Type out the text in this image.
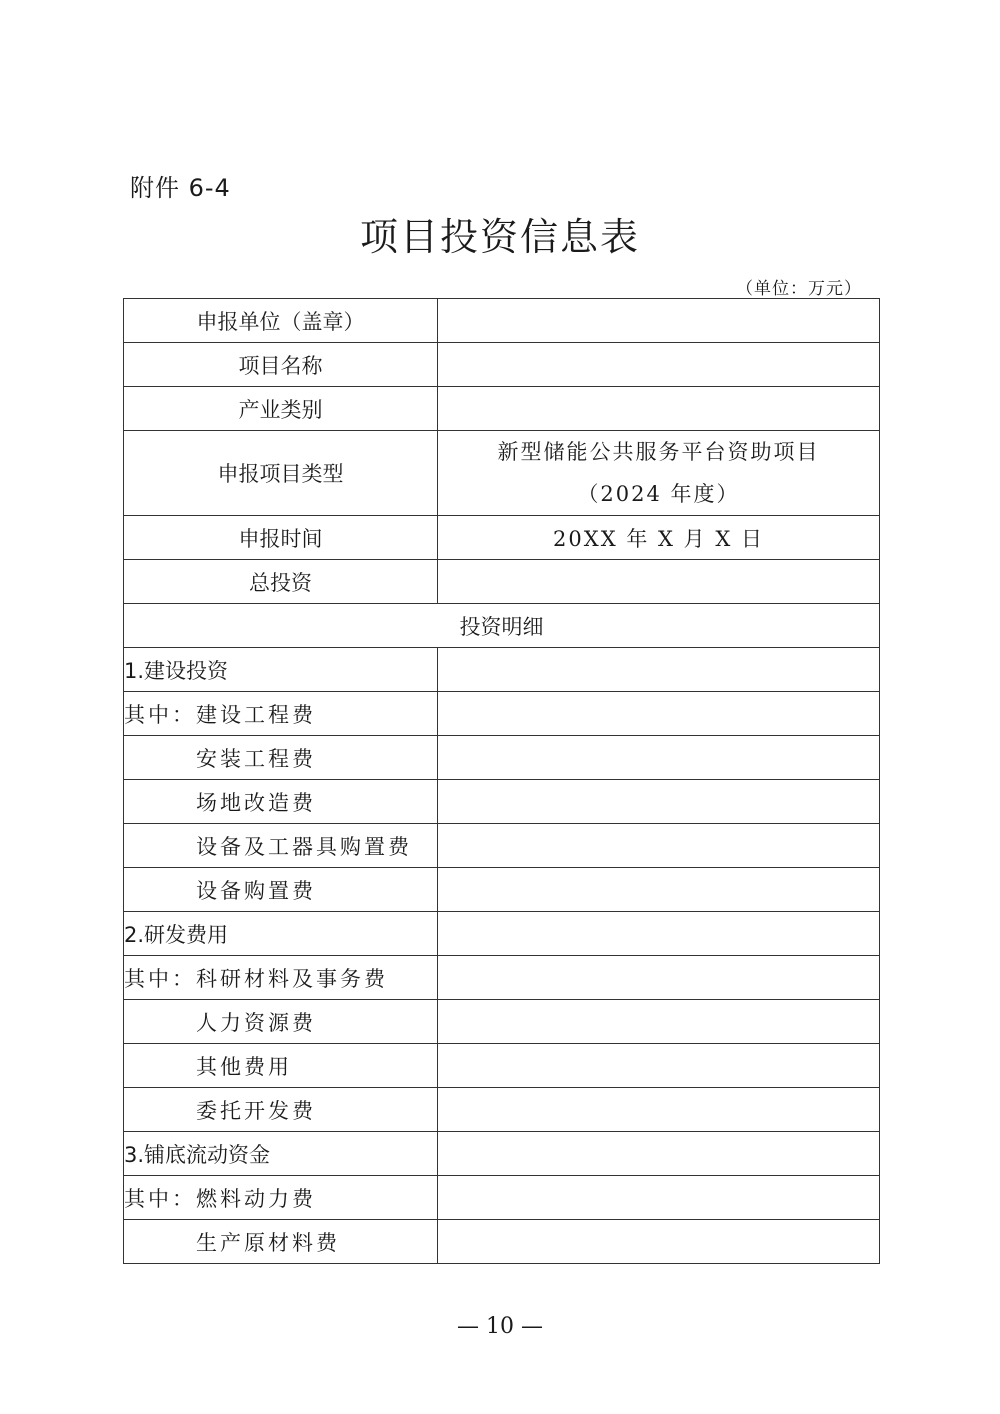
附件 6-4
项目投资信息表
（单位：万元）
申报单位（盖章）	
项目名称	
产业类别	
申报项目类型	新型储能公共服务平台资助项目
（2024 年度）

申报时间	20XX 年 X 月 X 日
总投资	
投资明细	
1.建设投资	
其中：建设工程费	
安装工程费	
场地改造费	
设备及工器具购置费	
设备购置费	
2.研发费用	
其中：科研材料及事务费	
人力资源费	
其他费用	
委托开发费	
3.铺底流动资金	
其中：燃料动力费	
生产原材料费	
— 10 —
